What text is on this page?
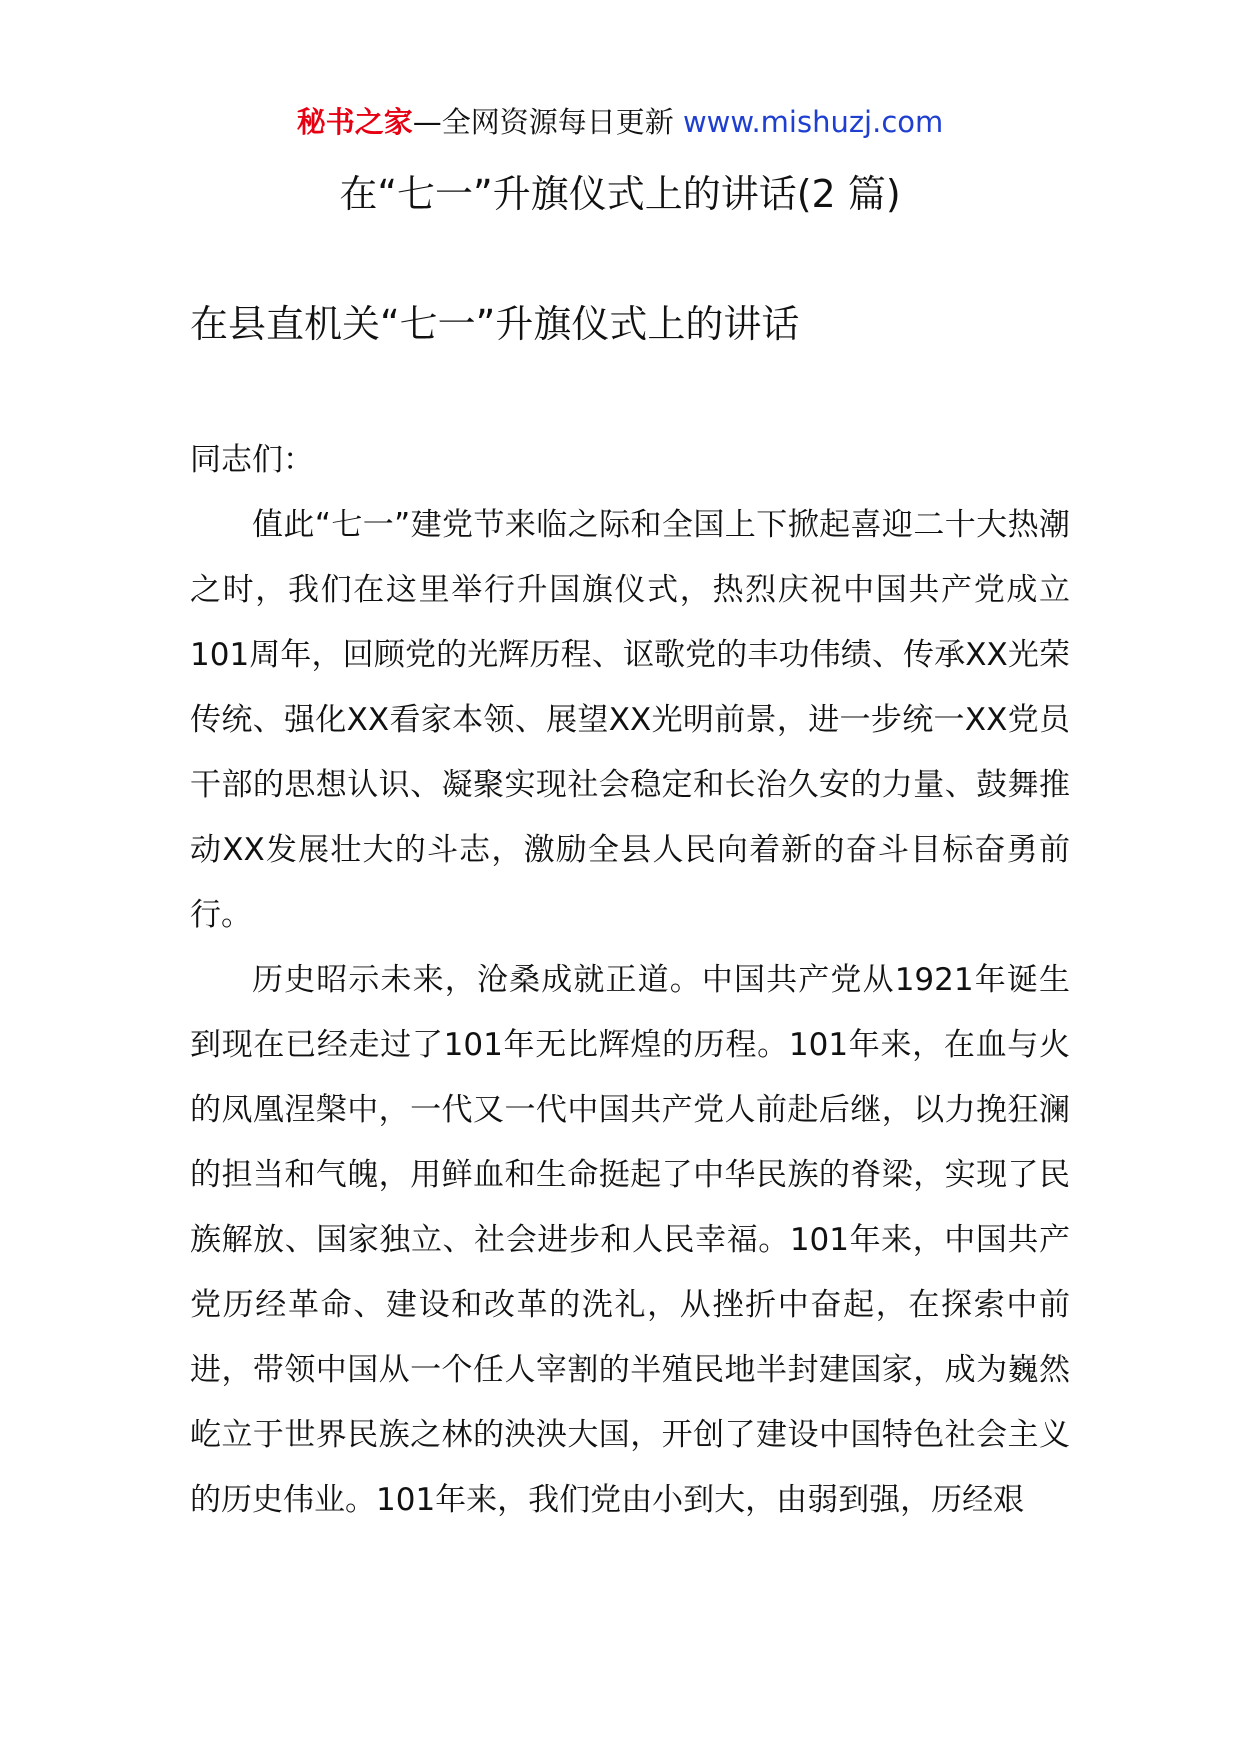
秘书之家—全网资源每日更新 www.mishuzj.com
在“七一”升旗仪式上的讲话(2 篇)
在县直机关“七一”升旗仪式上的讲话

同志们：

值此“七一”建党节来临之际和全国上下掀起喜迎二十大热潮之时，我们在这里举行升国旗仪式，热烈庆祝中国共产党成立101周年，回顾党的光辉历程、讴歌党的丰功伟绩、传承XX光荣传统、强化XX看家本领、展望XX光明前景，进一步统一XX党员干部的思想认识、凝聚实现社会稳定和长治久安的力量、鼓舞推动XX发展壮大的斗志，激励全县人民向着新的奋斗目标奋勇前行。

历史昭示未来，沧桑成就正道。中国共产党从1921年诞生到现在已经走过了101年无比辉煌的历程。101年来，在血与火的凤凰涅槃中，一代又一代中国共产党人前赴后继，以力挽狂澜的担当和气魄，用鲜血和生命挺起了中华民族的脊梁，实现了民族解放、国家独立、社会进步和人民幸福。101年来，中国共产党历经革命、建设和改革的洗礼，从挫折中奋起，在探索中前进，带领中国从一个任人宰割的半殖民地半封建国家，成为巍然屹立于世界民族之林的泱泱大国，开创了建设中国特色社会主义的历史伟业。101年来，我们党由小到大，由弱到强，历经艰
